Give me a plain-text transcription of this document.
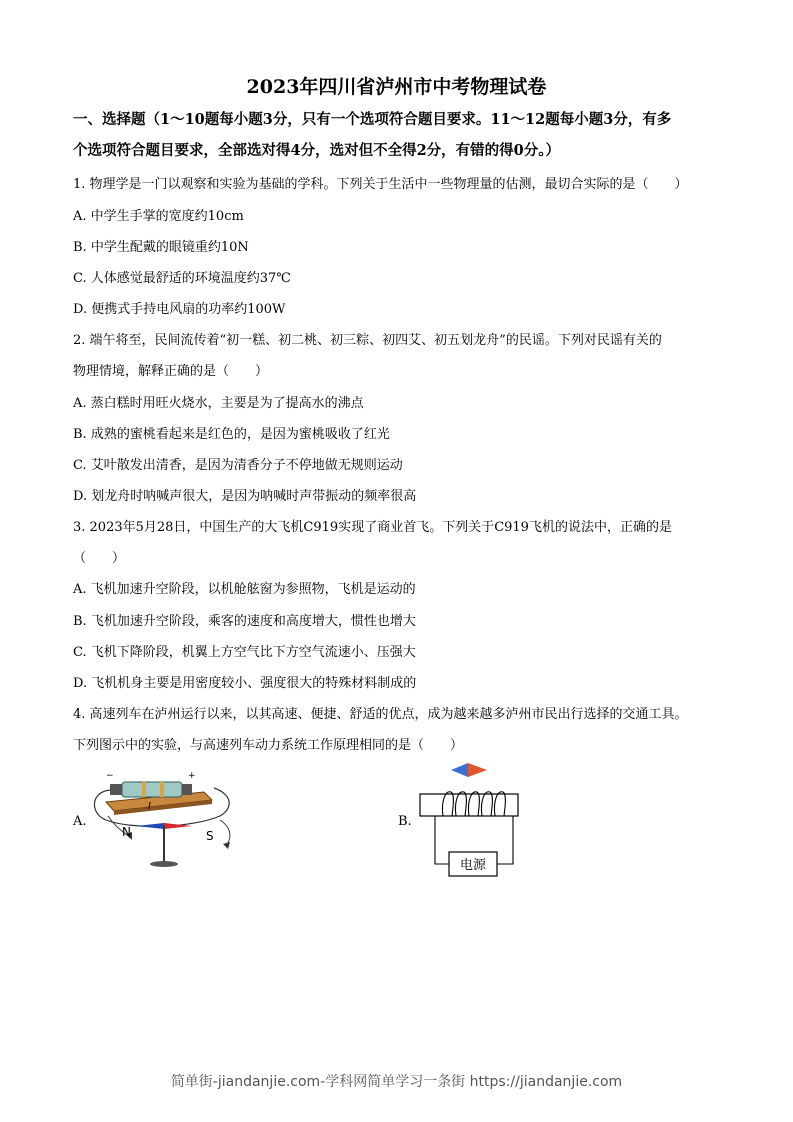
2023年四川省泸州市中考物理试卷
一、选择题（1～10题每小题3分，只有一个选项符合题目要求。11～12题每小题3分，有多
个选项符合题目要求，全部选对得4分，选对但不全得2分，有错的得0分。）
1. 物理学是一门以观察和实验为基础的学科。下列关于生活中一些物理量的估测，最切合实际的是（　　）
A. 中学生手掌的宽度约10cm
B. 中学生配戴的眼镜重约10N
C. 人体感觉最舒适的环境温度约37℃
D. 便携式手持电风扇的功率约100W
2. 端午将至，民间流传着“初一糕、初二桃、初三粽、初四艾、初五划龙舟”的民谣。下列对民谣有关的
物理情境，解释正确的是（　　）
A. 蒸白糕时用旺火烧水，主要是为了提高水的沸点
B. 成熟的蜜桃看起来是红色的，是因为蜜桃吸收了红光
C. 艾叶散发出清香，是因为清香分子不停地做无规则运动
D. 划龙舟时呐喊声很大，是因为呐喊时声带振动的频率很高
3. 2023年5月28日，中国生产的大飞机C919实现了商业首飞。下列关于C919飞机的说法中，正确的是
（　　）
A. 飞机加速升空阶段，以机舱舷窗为参照物，飞机是运动的
B. 飞机加速升空阶段，乘客的速度和高度增大，惯性也增大
C. 飞机下降阶段，机翼上方空气比下方空气流速小、压强大
D. 飞机机身主要是用密度较小、强度很大的特殊材料制成的
4. 高速列车在泸州运行以来，以其高速、便捷、舒适的优点，成为越来越多泸州市民出行选择的交通工具。
下列图示中的实验，与高速列车动力系统工作原理相同的是（　　）
A.
−	+
I
N	S
B.
电源
简单街-jiandanjie.com-学科网简单学习一条街 https://jiandanjie.com
